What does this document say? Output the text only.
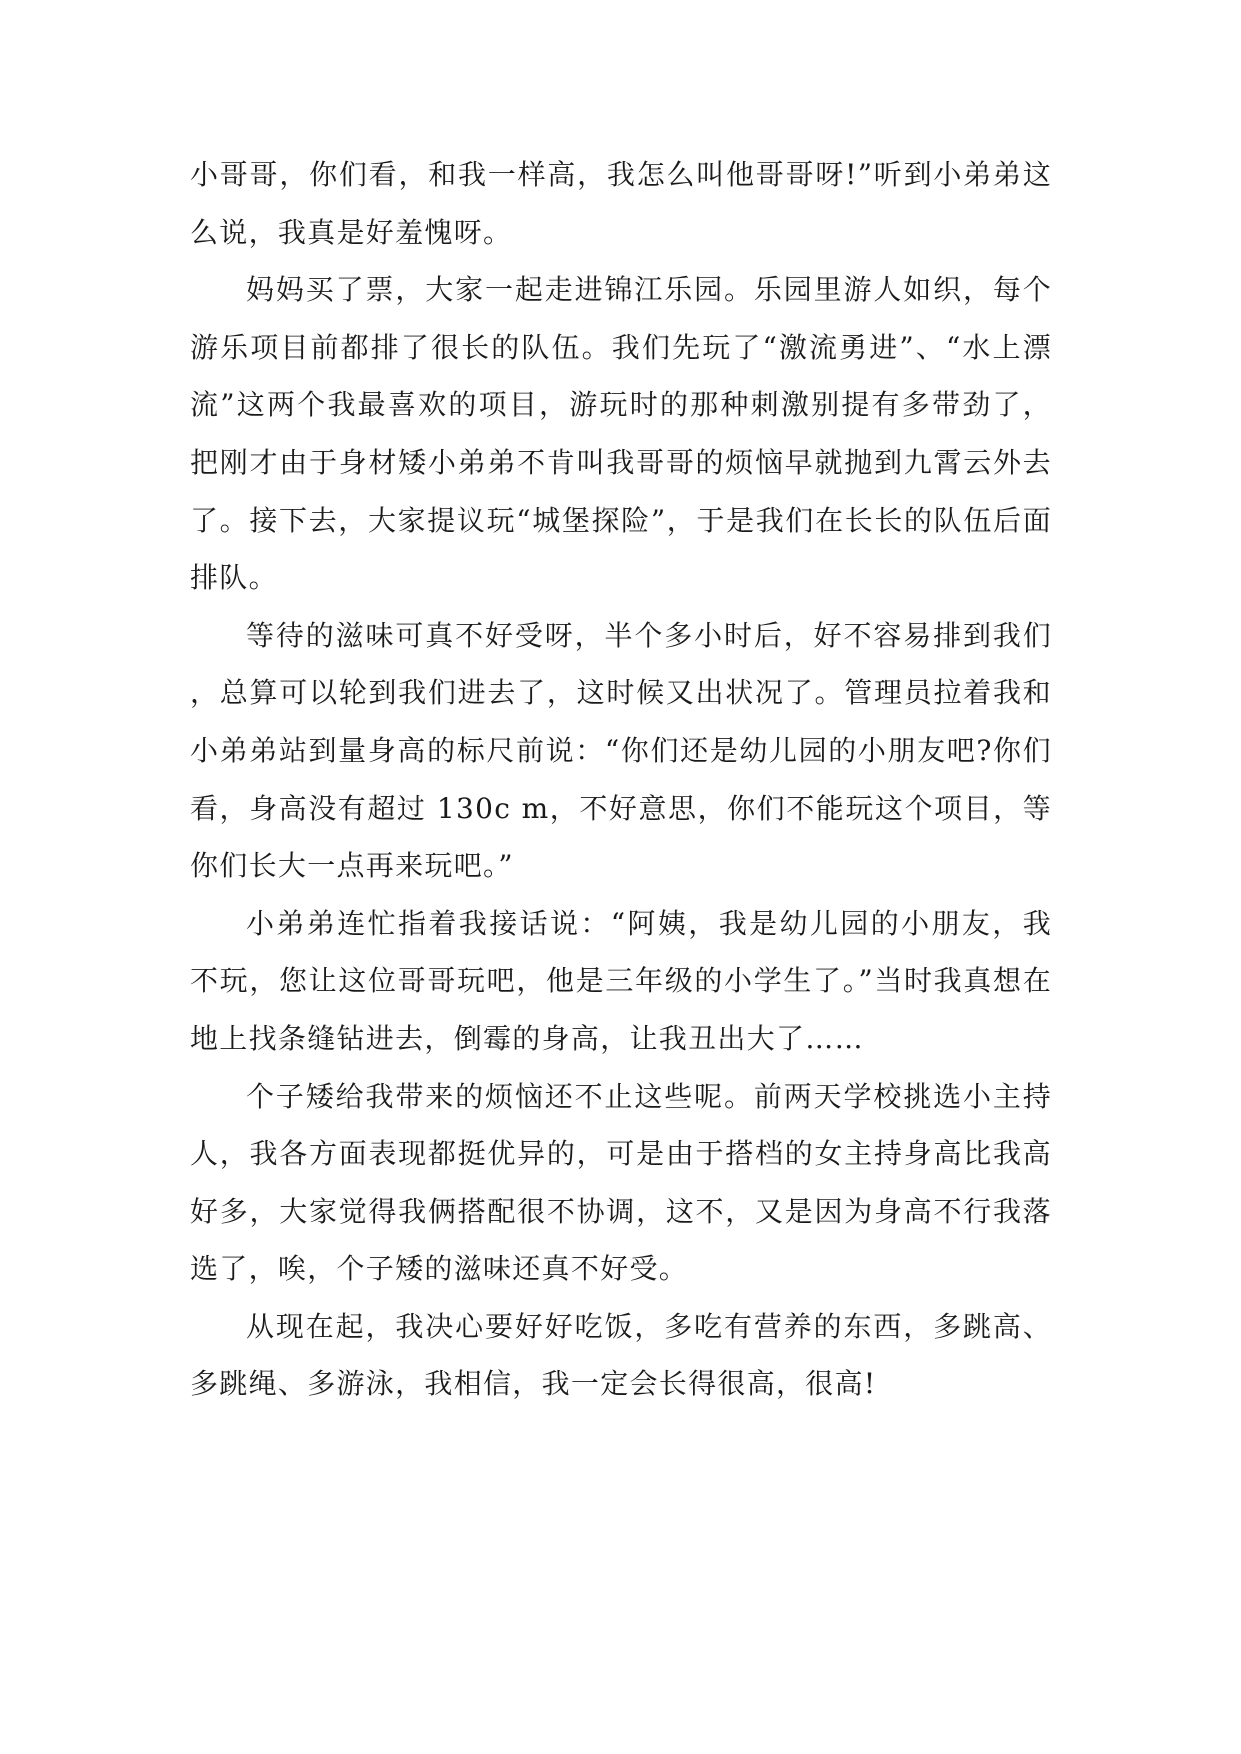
小哥哥，你们看，和我一样高，我怎么叫他哥哥呀!”听到小弟弟这么说，我真是好羞愧呀。

妈妈买了票，大家一起走进锦江乐园。乐园里游人如织，每个游乐项目前都排了很长的队伍。我们先玩了“激流勇进”、“水上漂流”这两个我最喜欢的项目，游玩时的那种刺激别提有多带劲了，把刚才由于身材矮小弟弟不肯叫我哥哥的烦恼早就抛到九霄云外去了。接下去，大家提议玩“城堡探险”，于是我们在长长的队伍后面排队。

等待的滋味可真不好受呀，半个多小时后，好不容易排到我们，总算可以轮到我们进去了，这时候又出状况了。管理员拉着我和小弟弟站到量身高的标尺前说：“你们还是幼儿园的小朋友吧?你们看，身高没有超过 130c m，不好意思，你们不能玩这个项目，等你们长大一点再来玩吧。”

小弟弟连忙指着我接话说：“阿姨，我是幼儿园的小朋友，我不玩，您让这位哥哥玩吧，他是三年级的小学生了。”当时我真想在地上找条缝钻进去，倒霉的身高，让我丑出大了……

个子矮给我带来的烦恼还不止这些呢。前两天学校挑选小主持人，我各方面表现都挺优异的，可是由于搭档的女主持身高比我高好多，大家觉得我俩搭配很不协调，这不，又是因为身高不行我落选了，唉，个子矮的滋味还真不好受。

从现在起，我决心要好好吃饭，多吃有营养的东西，多跳高、多跳绳、多游泳，我相信，我一定会长得很高，很高!
